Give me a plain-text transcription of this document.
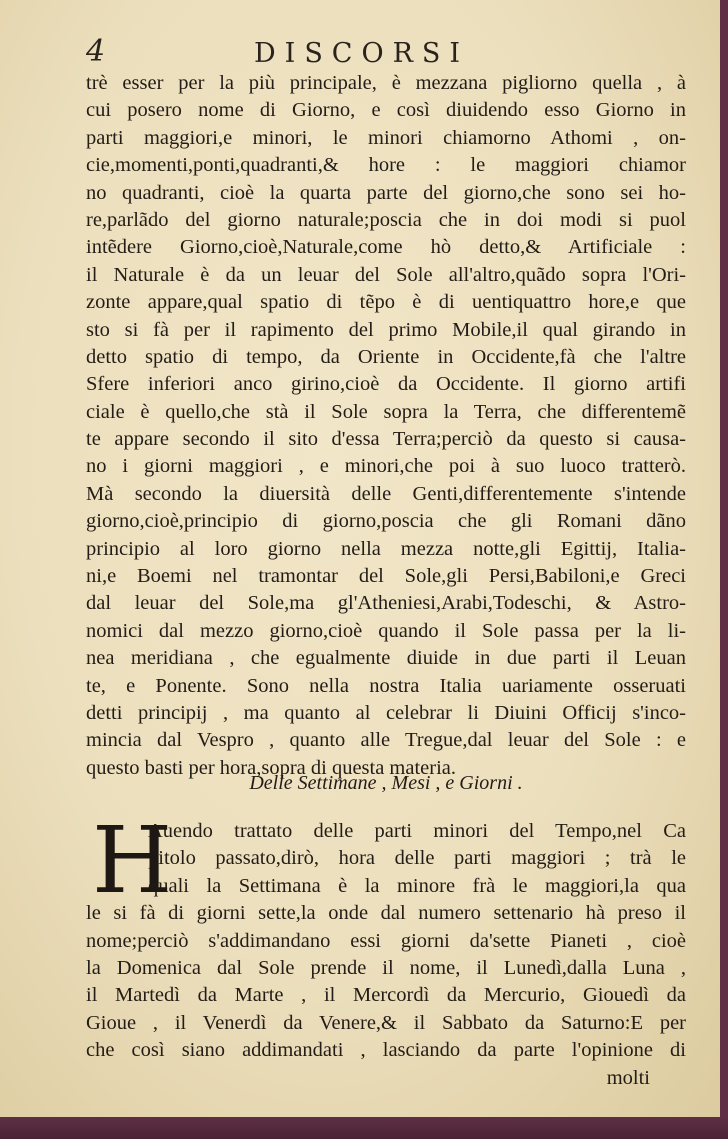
4	DISCORSI
trè esser per la più principale, è mezzana pigliorno quella , à
cui posero nome di Giorno, e così diuidendo esso Giorno in
parti maggiori,e minori, le minori chiamorno Athomi , on-
cie,momenti,ponti,quadranti,& hore : le maggiori chiamor
no quadranti, cioè la quarta parte del giorno,che sono sei ho-
re,parlãdo del giorno naturale;poscia che in doi modi si puol
intẽdere Giorno,cioè,Naturale,come hò detto,& Artificiale :
il Naturale è da un leuar del Sole all'altro,quãdo sopra l'Ori-
zonte appare,qual spatio di tẽpo è di uentiquattro hore,e que
sto si fà per il rapimento del primo Mobile,il qual girando in
detto spatio di tempo, da Oriente in Occidente,fà che l'altre
Sfere inferiori anco girino,cioè da Occidente. Il giorno artifi
ciale è quello,che stà il Sole sopra la Terra, che differentemẽ
te appare secondo il sito d'essa Terra;perciò da questo si causa-
no i giorni maggiori , e minori,che poi à suo luoco tratterò.
Mà secondo la diuersità delle Genti,differentemente s'intende
giorno,cioè,principio di giorno,poscia che gli Romani dãno
principio al loro giorno nella mezza notte,gli Egittij, Italia-
ni,e Boemi nel tramontar del Sole,gli Persi,Babiloni,e Greci
dal leuar del Sole,ma gl'Atheniesi,Arabi,Todeschi, & Astro-
nomici dal mezzo giorno,cioè quando il Sole passa per la li-
nea meridiana , che egualmente diuide in due parti il Leuan
te, e Ponente. Sono nella nostra Italia uariamente osseruati
detti principij , ma quanto al celebrar li Diuini Officij s'inco-
mincia dal Vespro , quanto alle Tregue,dal leuar del Sole : e
questo basti per hora,sopra di questa materia.
Delle Settimane , Mesi , e Giorni .
H
Auendo trattato delle parti minori del Tempo,nel Ca
pitolo passato,dirò, hora delle parti maggiori ; trà le
quali la Settimana è la minore frà le maggiori,la qua
le si fà di giorni sette,la onde dal numero settenario hà preso il
nome;perciò s'addimandano essi giorni da'sette Pianeti , cioè
la Domenica dal Sole prende il nome, il Lunedì,dalla Luna ,
il Martedì da Marte , il Mercordì da Mercurio, Giouedì da
Gioue , il Venerdì da Venere,& il Sabbato da Saturno:E per
che così siano addimandati , lasciando da parte l'opinione di
molti
